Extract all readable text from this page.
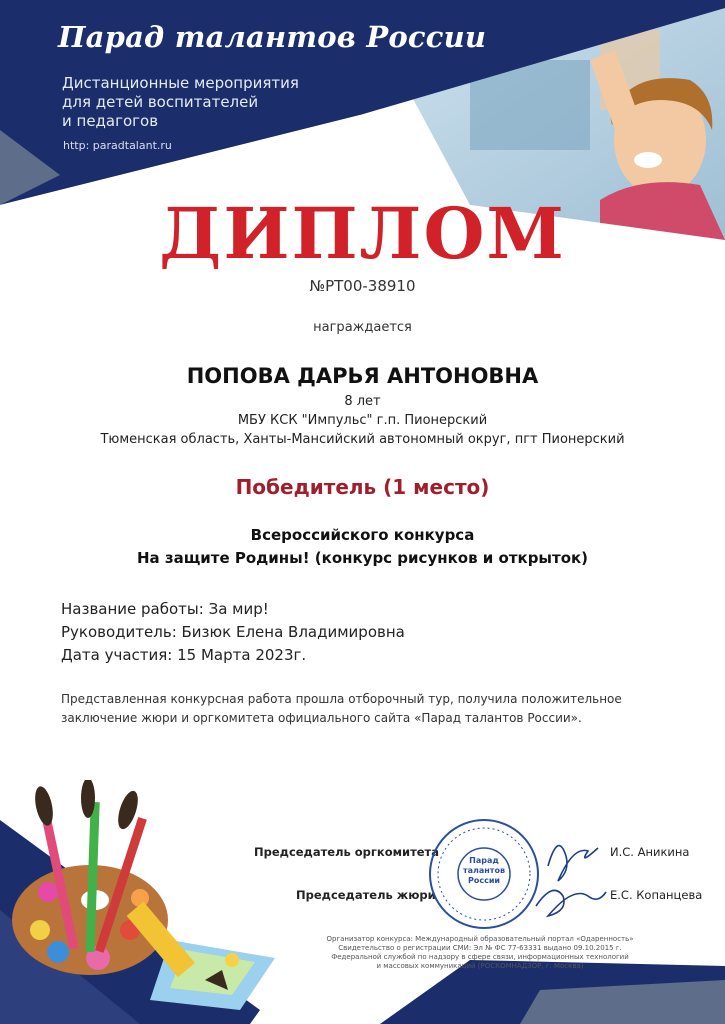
Парад талантов России
Дистанционные мероприятия
для детей воспитателей
и педагогов
http: paradtalant.ru
ДИПЛОМ
№РТ00-38910
награждается
ПОПОВА ДАРЬЯ АНТОНОВНА
8 лет
МБУ КСК "Импульс" г.п. Пионерский
Тюменская область, Ханты-Мансийский автономный округ, пгт Пионерский
Победитель (1 место)
Всероссийского конкурса
На защите Родины! (конкурс рисунков и открыток)
Название работы: За мир!
Руководитель: Бизюк Елена Владимировна
Дата участия: 15 Марта 2023г.
Представленная конкурсная работа прошла отборочный тур, получила положительное заключение жюри и оргкомитета официального сайта «Парад талантов России».
Председатель оргкомитета
Председатель жюри
И.С. Аникина
Е.С. Копанцева
Парад
талантов
России
Организатор конкурса: Международный образовательный портал «Одаренность»
Свидетельство о регистрации СМИ: Эл № ФС 77-63331 выдано 09.10.2015 г.
Федеральной службой по надзору в сфере связи, информационных технологий
и массовых коммуникаций (РОСКОМНАДЗОР, г. Москва)
